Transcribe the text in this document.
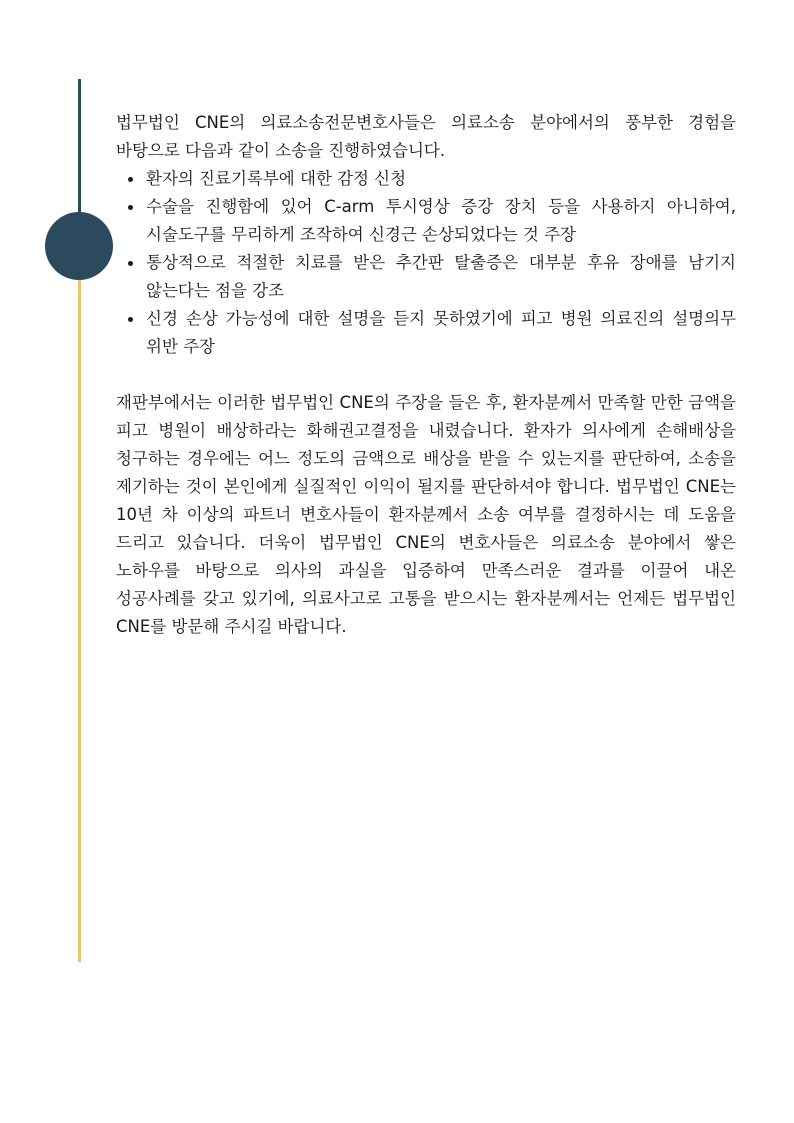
법무법인 CNE의 의료소송전문변호사들은 의료소송 분야에서의 풍부한 경험을 바탕으로 다음과 같이 소송을 진행하였습니다.

환자의 진료기록부에 대한 감정 신청
수술을 진행함에 있어 C-arm 투시영상 증강 장치 등을 사용하지 아니하여, 시술도구를 무리하게 조작하여 신경근 손상되었다는 것 주장
통상적으로 적절한 치료를 받은 추간판 탈출증은 대부분 후유 장애를 남기지 않는다는 점을 강조
신경 손상 가능성에 대한 설명을 듣지 못하였기에 피고 병원 의료진의 설명의무 위반 주장

재판부에서는 이러한 법무법인 CNE의 주장을 들은 후, 환자분께서 만족할 만한 금액을 피고 병원이 배상하라는 화해권고결정을 내렸습니다. 환자가 의사에게 손해배상을 청구하는 경우에는 어느 정도의 금액으로 배상을 받을 수 있는지를 판단하여, 소송을 제기하는 것이 본인에게 실질적인 이익이 될지를 판단하셔야 합니다. 법무법인 CNE는 10년 차 이상의 파트너 변호사들이 환자분께서 소송 여부를 결정하시는 데 도움을 드리고 있습니다. 더욱이 법무법인 CNE의 변호사들은 의료소송 분야에서 쌓은 노하우를 바탕으로 의사의 과실을 입증하여 만족스러운 결과를 이끌어 내온 성공사례를 갖고 있기에, 의료사고로 고통을 받으시는 환자분께서는 언제든 법무법인 CNE를 방문해 주시길 바랍니다.
